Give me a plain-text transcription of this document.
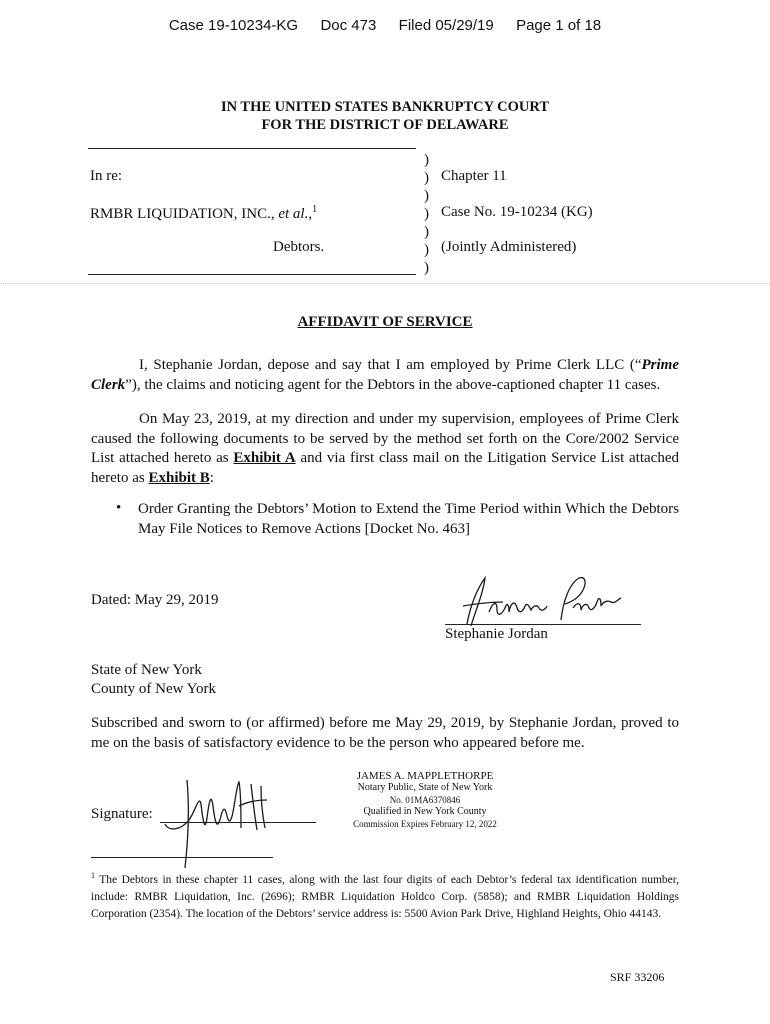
Case 19-10234-KG Doc 473 Filed 05/29/19 Page 1 of 18
IN THE UNITED STATES BANKRUPTCY COURT
FOR THE DISTRICT OF DELAWARE
In re:
RMBR LIQUIDATION, INC., et al.,$^1$
Debtors.
)
)
)
)
)
)
)
Chapter 11
Case No. 19-10234 (KG)
(Jointly Administered)
AFFIDAVIT OF SERVICE
I, Stephanie Jordan, depose and say that I am employed by Prime Clerk LLC (“Prime Clerk”), the claims and noticing agent for the Debtors in the above-captioned chapter 11 cases.
On May 23, 2019, at my direction and under my supervision, employees of Prime Clerk caused the following documents to be served by the method set forth on the Core/2002 Service List attached hereto as Exhibit A and via first class mail on the Litigation Service List attached hereto as Exhibit B:
• Order Granting the Debtors’ Motion to Extend the Time Period within Which the Debtors May File Notices to Remove Actions [Docket No. 463]
Dated: May 29, 2019
Stephanie Jordan
State of New York
County of New York
Subscribed and sworn to (or affirmed) before me May 29, 2019, by Stephanie Jordan, proved to me on the basis of satisfactory evidence to be the person who appeared before me.
Signature:
JAMES A. MAPPLETHORPE
Notary Public, State of New York
No. 01MA6370846
Qualified in New York County
Commission Expires February 12, 2022
$^1$ The Debtors in these chapter 11 cases, along with the last four digits of each Debtor’s federal tax identification number, include: RMBR Liquidation, Inc. (2696); RMBR Liquidation Holdco Corp. (5858); and RMBR Liquidation Holdings Corporation (2354). The location of the Debtors’ service address is: 5500 Avion Park Drive, Highland Heights, Ohio 44143.
SRF 33206
